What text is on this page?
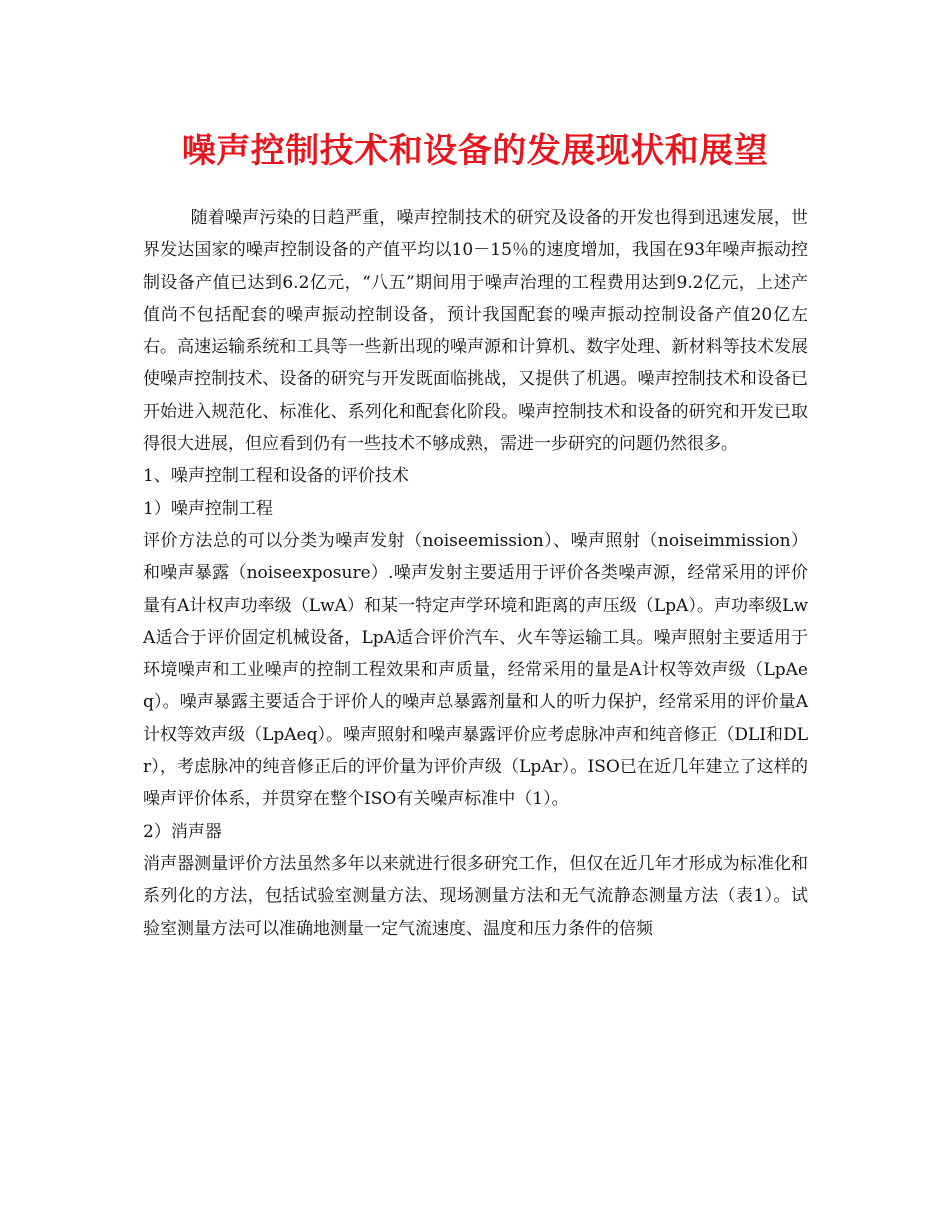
噪声控制技术和设备的发展现状和展望

随着噪声污染的日趋严重，噪声控制技术的研究及设备的开发也得到迅速发展，世界发达国家的噪声控制设备的产值平均以10－15％的速度增加，我国在93年噪声振动控制设备产值已达到6.2亿元，“八五”期间用于噪声治理的工程费用达到9.2亿元，上述产值尚不包括配套的噪声振动控制设备，预计我国配套的噪声振动控制设备产值20亿左右。高速运输系统和工具等一些新出现的噪声源和计算机、数字处理、新材料等技术发展使噪声控制技术、设备的研究与开发既面临挑战，又提供了机遇。噪声控制技术和设备已开始进入规范化、标准化、系列化和配套化阶段。噪声控制技术和设备的研究和开发已取得很大进展，但应看到仍有一些技术不够成熟，需进一步研究的问题仍然很多。

1、噪声控制工程和设备的评价技术

1）噪声控制工程

评价方法总的可以分类为噪声发射（noiseemission）、噪声照射（noiseimmission）和噪声暴露（noiseexposure）.噪声发射主要适用于评价各类噪声源，经常采用的评价量有A计权声功率级（LwA）和某一特定声学环境和距离的声压级（LpA）。声功率级LwA适合于评价固定机械设备，LpA适合评价汽车、火车等运输工具。噪声照射主要适用于环境噪声和工业噪声的控制工程效果和声质量，经常采用的量是A计权等效声级（LpAeq）。噪声暴露主要适合于评价人的噪声总暴露剂量和人的听力保护，经常采用的评价量A计权等效声级（LpAeq）。噪声照射和噪声暴露评价应考虑脉冲声和纯音修正（DLI和DLr），考虑脉冲的纯音修正后的评价量为评价声级（LpAr）。ISO已在近几年建立了这样的噪声评价体系，并贯穿在整个ISO有关噪声标准中（1）。

2）消声器

消声器测量评价方法虽然多年以来就进行很多研究工作，但仅在近几年才形成为标准化和系列化的方法，包括试验室测量方法、现场测量方法和无气流静态测量方法（表1）。试验室测量方法可以准确地测量一定气流速度、温度和压力条件的倍频
